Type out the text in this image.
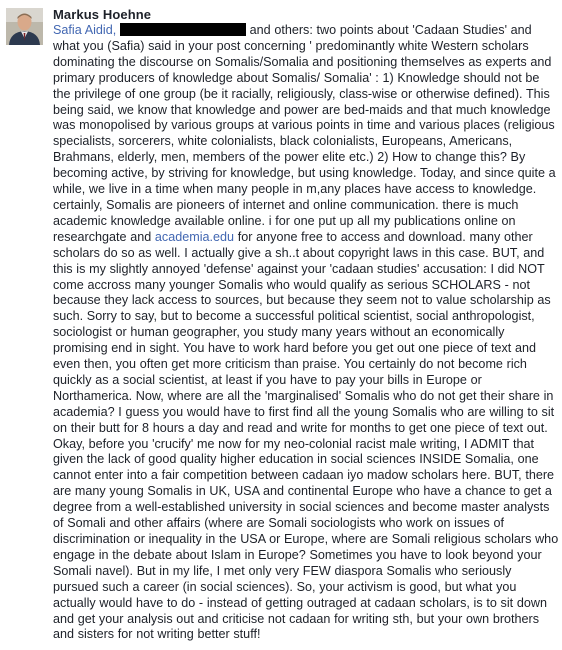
Markus Hoehne
Safia Aidid,	and others: two points about 'Cadaan Studies' and what you (Safia) said in your post concerning ' predominantly white Western scholars dominating the discourse on Somalis/Somalia and positioning themselves as experts and primary producers of knowledge about Somalis/ Somalia' : 1) Knowledge should not be the privilege of one group (be it racially, religiously, class-wise or otherwise defined). This being said, we know that knowledge and power are bed-maids and that much knowledge was monopolised by various groups at various points in time and various places (religious specialists, sorcerers, white colonialists, black colonialists, Europeans, Americans, Brahmans, elderly, men, members of the power elite etc.) 2) How to change this? By becoming active, by striving for knowledge, but using knowledge. Today, and since quite a while, we live in a time when many people in m,any places have access to knowledge. certainly, Somalis are pioneers of internet and online communication. there is much academic knowledge available online. i for one put up all my publications online on researchgate and academia.edu for anyone free to access and download. many other scholars do so as well. I actually give a sh..t about copyright laws in this case. BUT, and this is my slightly annoyed 'defense' against your 'cadaan studies' accusation: I did NOT come accross many younger Somalis who would qualify as serious SCHOLARS - not because they lack access to sources, but because they seem not to value scholarship as such. Sorry to say, but to become a successful political scientist, social anthropologist, sociologist or human geographer, you study many years without an economically promising end in sight. You have to work hard before you get out one piece of text and even then, you often get more criticism than praise. You certainly do not become rich quickly as a social scientist, at least if you have to pay your bills in Europe or Northamerica. Now, where are all the 'marginalised' Somalis who do not get their share in academia? I guess you would have to first find all the young Somalis who are willing to sit on their butt for 8 hours a day and read and write for months to get one piece of text out. Okay, before you 'crucify' me now for my neo-colonial racist male writing, I ADMIT that given the lack of good quality higher education in social sciences INSIDE Somalia, one cannot enter into a fair competition between cadaan iyo madow scholars here. BUT, there are many young Somalis in UK, USA and continental Europe who have a chance to get a degree from a well-established university in social sciences and become master analysts of Somali and other affairs (where are Somali sociologists who work on issues of discrimination or inequality in the USA or Europe, where are Somali religious scholars who engage in the debate about Islam in Europe? Sometimes you have to look beyond your Somali navel). But in my life, I met only very FEW diaspora Somalis who seriously pursued such a career (in social sciences). So, your activism is good, but what you actually would have to do - instead of getting outraged at cadaan scholars, is to sit down and get your analysis out and criticise not cadaan for writing sth, but your own brothers and sisters for not writing better stuff!
